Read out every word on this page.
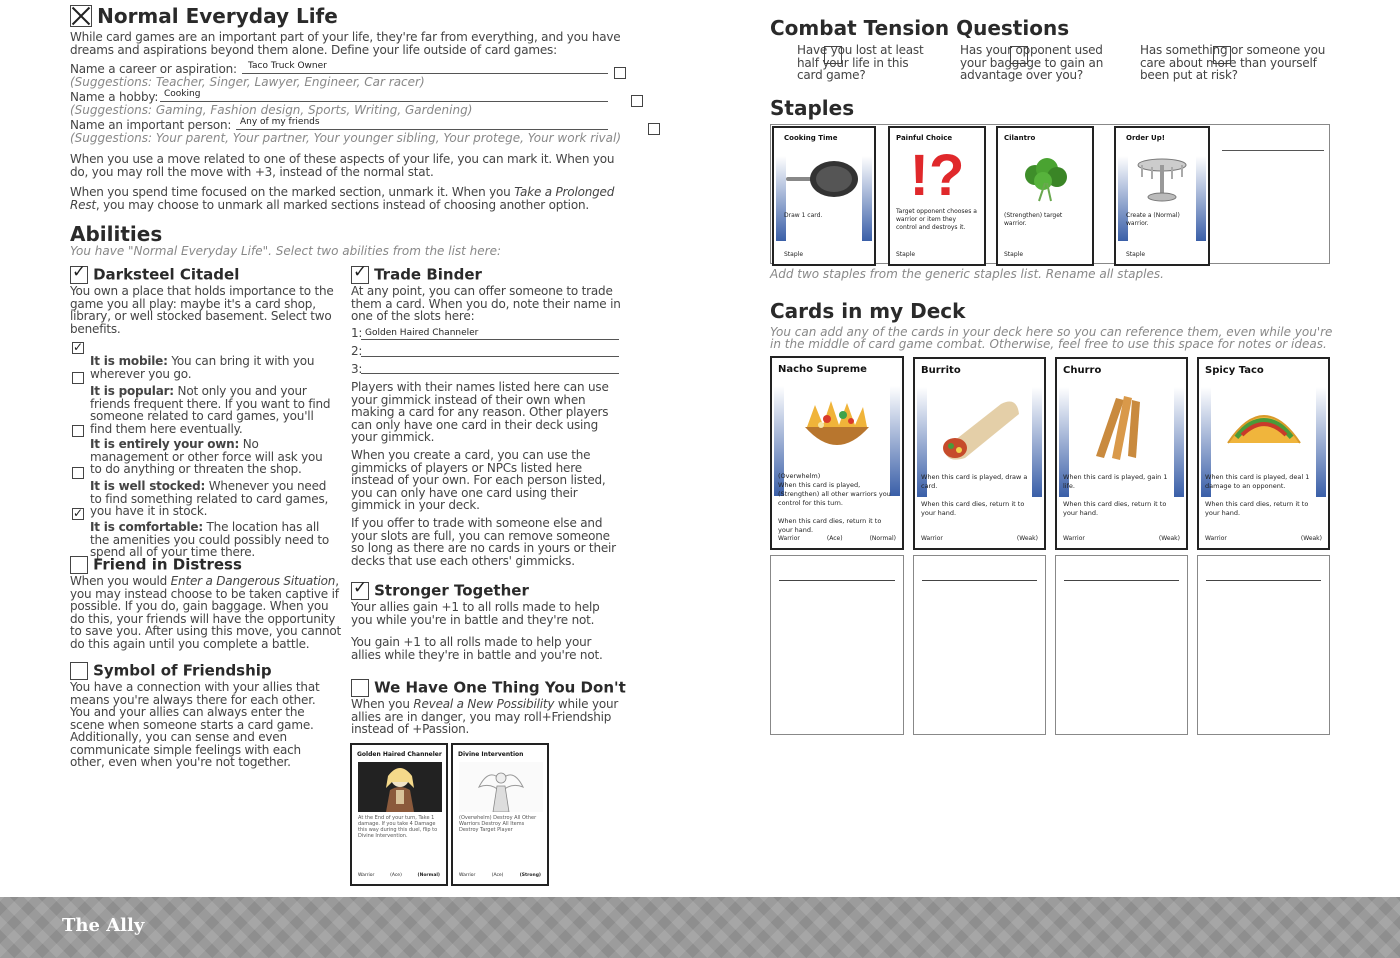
Normal Everyday Life
While card games are an important part of your life, they're far from everything, and you have dreams and aspirations beyond them alone. Define your life outside of card games:
Name a career or aspiration: Taco Truck Owner

(Suggestions: Teacher, Singer, Lawyer, Engineer, Car racer)
Name a hobby: Cooking

(Suggestions: Gaming, Fashion design, Sports, Writing, Gardening)
Name an important person: Any of my friends

(Suggestions: Your parent, Your partner, Your younger sibling, Your protege, Your work rival)
When you use a move related to one of these aspects of your life, you can mark it. When you do, you may roll the move with +3, instead of the normal stat.
When you spend time focused on the marked section, unmark it. When you Take a Prolonged Rest, you may choose to unmark all marked sections instead of choosing another option.
Abilities
You have "Normal Everyday Life". Select two abilities from the list here:
✓ Darksteel Citadel
You own a place that holds importance to the game you all play: maybe it's a card shop, library, or well stocked basement. Select two benefits.
✓
It is mobile: You can bring it with you wherever you go.
It is popular: Not only you and your friends frequent there. If you want to find someone related to card games, you'll find them here eventually.
It is entirely your own: No management or other force will ask you to do anything or threaten the shop.
It is well stocked: Whenever you need to find something related to card games, you have it in stock.
✓
It is comfortable: The location has all the amenities you could possibly need to spend all of your time there.
Friend in Distress
When you would Enter a Dangerous Situation, you may instead choose to be taken captive if possible. If you do, gain baggage. When you do this, your friends will have the opportunity to save you. After using this move, you cannot do this again until you complete a battle.
Symbol of Friendship
You have a connection with your allies that means you're always there for each other. You and your allies can always enter the scene when someone starts a card game. Additionally, you can sense and even communicate simple feelings with each other, even when you're not together.
✓ Trade Binder
At any point, you can offer someone to trade them a card. When you do, note their name in one of the slots here:
1: Golden Haired Channeler
2:
3:
Players with their names listed here can use your gimmick instead of their own when making a card for any reason. Other players can only have one card in their deck using your gimmick.
When you create a card, you can use the gimmicks of players or NPCs listed here instead of your own. For each person listed, you can only have one card using their gimmick in your deck.
If you offer to trade with someone else and your slots are full, you can remove someone so long as there are no cards in yours or their decks that use each others' gimmicks.
✓ Stronger Together
Your allies gain +1 to all rolls made to help you while you're in battle and they're not.
You gain +1 to all rolls made to help your allies while they're in battle and you're not.
We Have One Thing You Don't
When you Reveal a New Possibility while your allies are in danger, you may roll+Friendship instead of +Passion.
Golden Haired Channeler
At the End of your turn, Take 1 damage. If you take 4 Damage this way during this duel, flip to Divine Intervention.
Warrior	(Ace)	(Normal)
Divine Intervention
(Overwhelm) Destroy All Other Warriors Destroy All Items Destroy Target Player
Warrior	(Ace)	(Strong)
Combat Tension Questions

Have you lost at least half your life in this card game?

Has your opponent used your baggage to gain an advantage over you?
Has something or someone you care about more than yourself been put at risk?
Staples
Cooking Time
Draw 1 card.
Staple
Painful Choice
!?
Target opponent chooses a warrior or item they control and destroys it.
Staple
Cilantro
(Strengthen) target warrior.
Staple
Order Up!
Create a (Normal) warrior.
Staple
Add two staples from the generic staples list. Rename all staples.
Cards in my Deck
You can add any of the cards in your deck here so you can reference them, even while you're in the middle of card game combat. Otherwise, feel free to use this space for notes or ideas.
Nacho Supreme
(Overwhelm)
When this card is played, (Strengthen) all other warriors you control for this turn.

When this card dies, return it to your hand.
Warrior	(Ace)	(Normal)
Burrito
When this card is played, draw a card.

When this card dies, return it to your hand.
Warrior	(Weak)
Churro
When this card is played, gain 1 life.

When this card dies, return it to your hand.
Warrior	(Weak)
Spicy Taco
When this card is played, deal 1 damage to an opponent.

When this card dies, return it to your hand.
Warrior	(Weak)
The Ally
